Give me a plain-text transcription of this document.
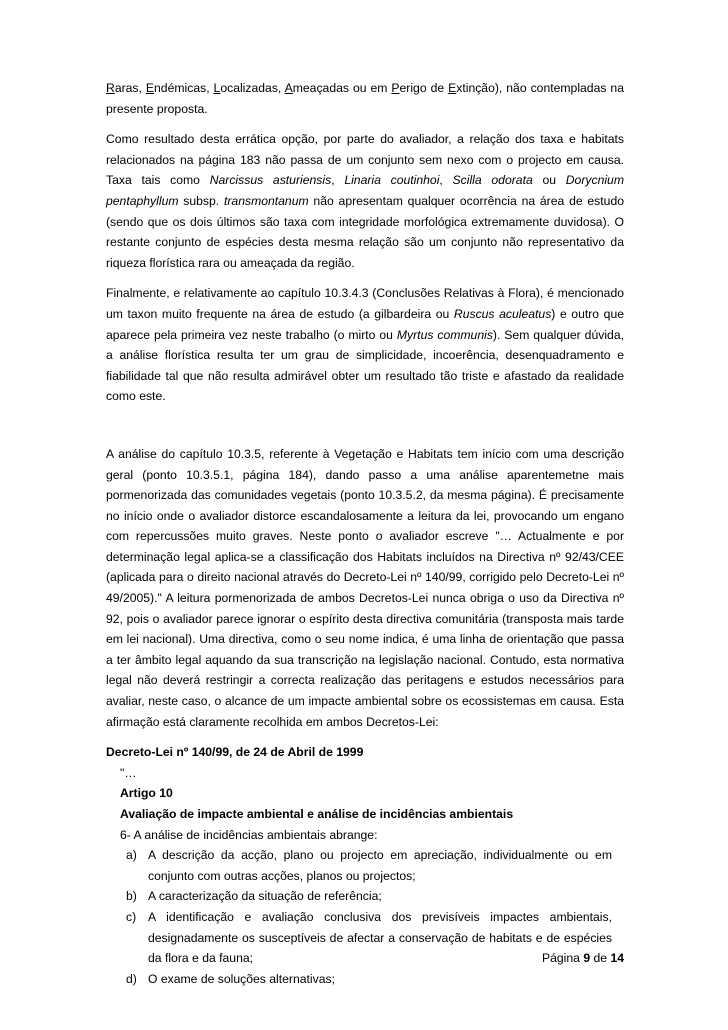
Raras, Endémicas, Localizadas, Ameaçadas ou em Perigo de Extinção), não contempladas na presente proposta.

Como resultado desta errática opção, por parte do avaliador, a relação dos taxa e habitats relacionados na página 183 não passa de um conjunto sem nexo com o projecto em causa. Taxa tais como Narcissus asturiensis, Linaria coutinhoi, Scilla odorata ou Dorycnium pentaphyllum subsp. transmontanum não apresentam qualquer ocorrência na área de estudo (sendo que os dois últimos são taxa com integridade morfológica extremamente duvidosa). O restante conjunto de espécies desta mesma relação são um conjunto não representativo da riqueza florística rara ou ameaçada da região.

Finalmente, e relativamente ao capítulo 10.3.4.3 (Conclusões Relativas à Flora), é mencionado um taxon muito frequente na área de estudo (a gilbardeira ou Ruscus aculeatus) e outro que aparece pela primeira vez neste trabalho (o mirto ou Myrtus communis). Sem qualquer dúvida, a análise florística resulta ter um grau de simplicidade, incoerência, desenquadramento e fiabilidade tal que não resulta admirável obter um resultado tão triste e afastado da realidade como este.

A análise do capítulo 10.3.5, referente à Vegetação e Habitats tem início com uma descrição geral (ponto 10.3.5.1, página 184), dando passo a uma análise aparentemetne mais pormenorizada das comunidades vegetais (ponto 10.3.5.2, da mesma página). É precisamente no início onde o avaliador distorce escandalosamente a leitura da lei, provocando um engano com repercussões muito graves. Neste ponto o avaliador escreve "… Actualmente e por determinação legal aplica-se a classificação dos Habitats incluídos na Directiva nº 92/43/CEE (aplicada para o direito nacional através do Decreto-Lei nº 140/99, corrigido pelo Decreto-Lei nº 49/2005)." A leitura pormenorizada de ambos Decretos-Lei nunca obriga o uso da Directiva nº 92, pois o avaliador parece ignorar o espírito desta directiva comunitária (transposta mais tarde em lei nacional). Uma directiva, como o seu nome indica, é uma linha de orientação que passa a ter âmbito legal aquando da sua transcrição na legislação nacional. Contudo, esta normativa legal não deverá restringir a correcta realização das peritagens e estudos necessários para avaliar, neste caso, o alcance de um impacte ambiental sobre os ecossistemas em causa. Esta afirmação está claramente recolhida em ambos Decretos-Lei:

Decreto-Lei nº 140/99, de 24 de Abril de 1999
"…
Artigo 10
Avaliação de impacte ambiental e análise de incidências ambientais
6- A análise de incidências ambientais abrange:
a) A descrição da acção, plano ou projecto em apreciação, individualmente ou em conjunto com outras acções, planos ou projectos;
b) A caracterização da situação de referência;
c) A identificação e avaliação conclusiva dos previsíveis impactes ambientais, designadamente os susceptíveis de afectar a conservação de habitats e de espécies da flora e da fauna;
d) O exame de soluções alternativas;
Página 9 de 14
